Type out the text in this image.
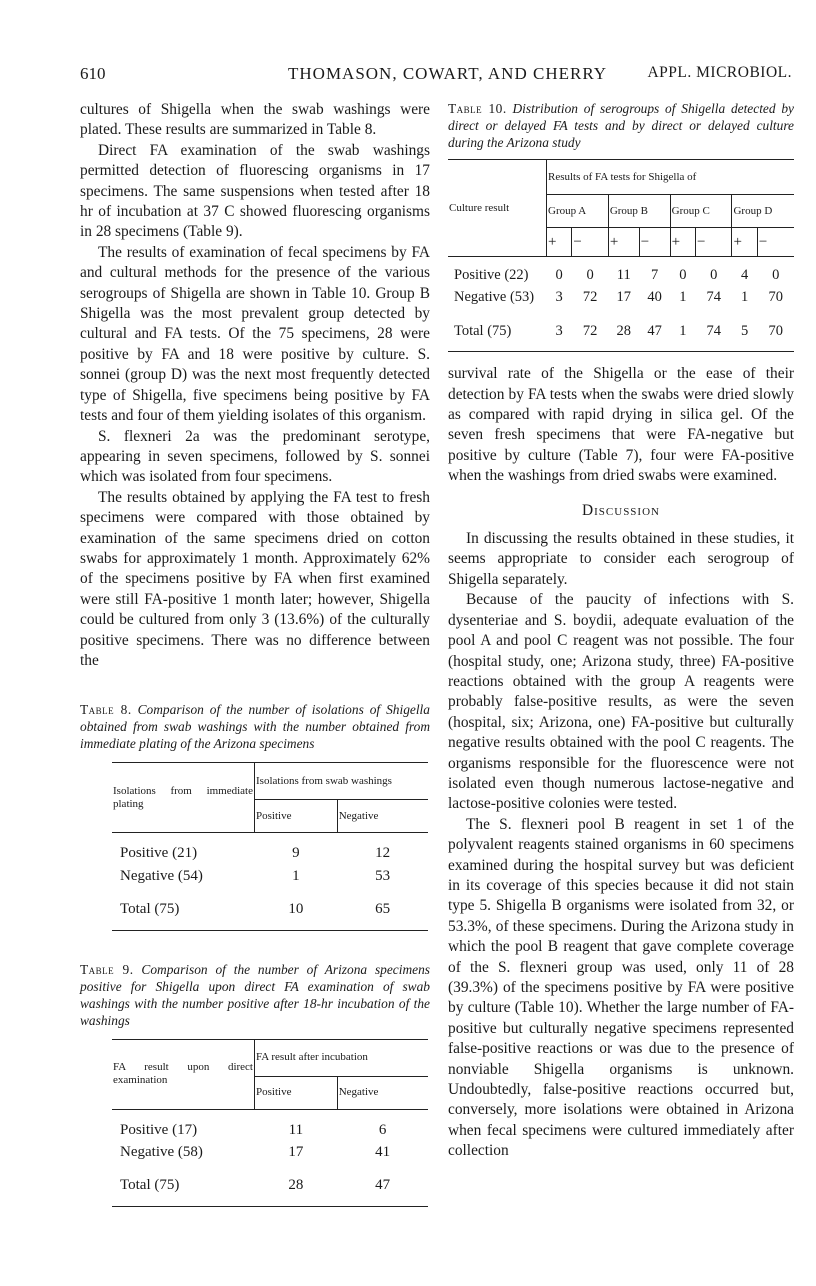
610	THOMASON, COWART, AND CHERRY	APPL. MICROBIOL.

cultures of Shigella when the swab washings were plated. These results are summarized in Table 8.

Direct FA examination of the swab washings permitted detection of fluorescing organisms in 17 specimens. The same suspensions when tested after 18 hr of incubation at 37 C showed fluorescing organisms in 28 specimens (Table 9).

The results of examination of fecal specimens by FA and cultural methods for the presence of the various serogroups of Shigella are shown in Table 10. Group B Shigella was the most prevalent group detected by cultural and FA tests. Of the 75 specimens, 28 were positive by FA and 18 were positive by culture. S. sonnei (group D) was the next most frequently detected type of Shigella, five specimens being positive by FA tests and four of them yielding isolates of this organism.

S. flexneri 2a was the predominant serotype, appearing in seven specimens, followed by S. sonnei which was isolated from four specimens.

The results obtained by applying the FA test to fresh specimens were compared with those obtained by examination of the same specimens dried on cotton swabs for approximately 1 month. Approximately 62% of the specimens positive by FA when first examined were still FA-positive 1 month later; however, Shigella could be cultured from only 3 (13.6%) of the culturally positive specimens. There was no difference between the

Table 8. Comparison of the number of isolations of Shigella obtained from swab washings with the number obtained from immediate plating of the Arizona specimens

Isolations from immediate plating	Isolations from swab washings	
	Positive	Negative
Positive (21)	9	12
Negative (54)	1	53
Total (75)	10	65

Table 9. Comparison of the number of Arizona specimens positive for Shigella upon direct FA examination of swab washings with the number positive after 18-hr incubation of the washings

FA result upon direct examination	FA result after incubation	
	Positive	Negative
Positive (17)	11	6
Negative (58)	17	41
Total (75)	28	47

Table 10. Distribution of serogroups of Shigella detected by direct or delayed FA tests and by direct or delayed culture during the Arizona study

Culture result	Results of FA tests for Shigella of							
	Group A		Group B		Group C		Group D	
	+	−	+	−	+	−	+	−
Positive (22)	0	0	11	7	0	0	4	0
Negative (53)	3	72	17	40	1	74	1	70
Total (75)	3	72	28	47	1	74	5	70

survival rate of the Shigella or the ease of their detection by FA tests when the swabs were dried slowly as compared with rapid drying in silica gel. Of the seven fresh specimens that were FA-negative but positive by culture (Table 7), four were FA-positive when the washings from dried swabs were examined.

Discussion

In discussing the results obtained in these studies, it seems appropriate to consider each serogroup of Shigella separately.

Because of the paucity of infections with S. dysenteriae and S. boydii, adequate evaluation of the pool A and pool C reagent was not possible. The four (hospital study, one; Arizona study, three) FA-positive reactions obtained with the group A reagents were probably false-positive results, as were the seven (hospital, six; Arizona, one) FA-positive but culturally negative results obtained with the pool C reagents. The organisms responsible for the fluorescence were not isolated even though numerous lactose-negative and lactose-positive colonies were tested.

The S. flexneri pool B reagent in set 1 of the polyvalent reagents stained organisms in 60 specimens examined during the hospital survey but was deficient in its coverage of this species because it did not stain type 5. Shigella B organisms were isolated from 32, or 53.3%, of these specimens. During the Arizona study in which the pool B reagent that gave complete coverage of the S. flexneri group was used, only 11 of 28 (39.3%) of the specimens positive by FA were positive by culture (Table 10). Whether the large number of FA-positive but culturally negative specimens represented false-positive reactions or was due to the presence of nonviable Shigella organisms is unknown. Undoubtedly, false-positive reactions occurred but, conversely, more isolations were obtained in Arizona when fecal specimens were cultured immediately after collection
